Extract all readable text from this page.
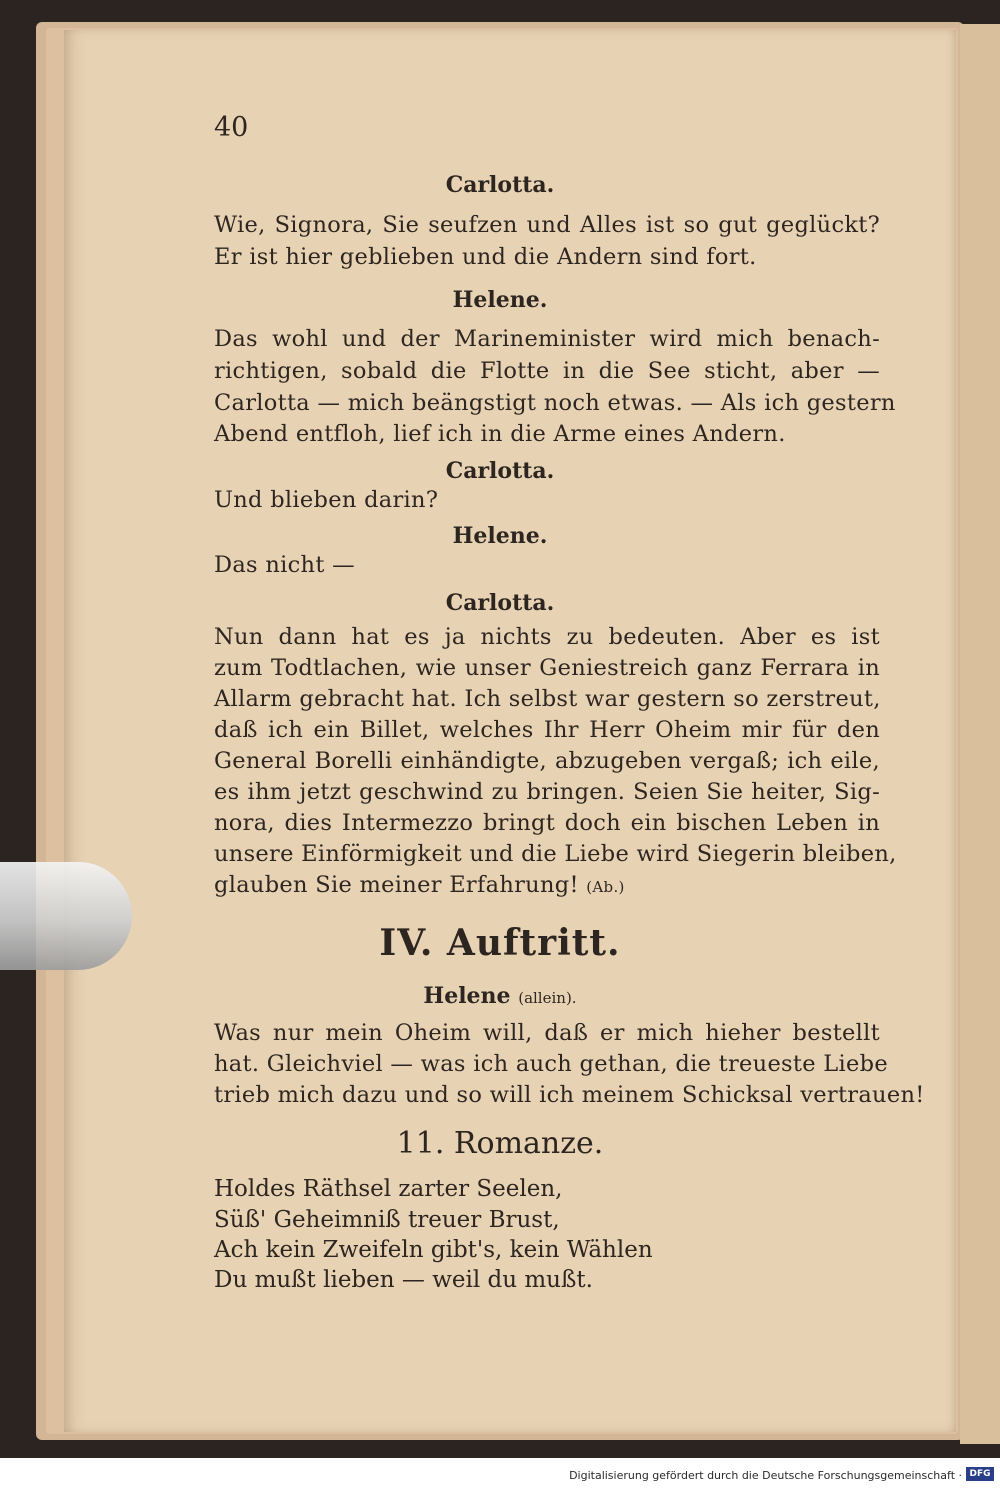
40
Carlotta.
Wie, Signora, Sie seufzen und Alles ist so gut geglückt?
Er ist hier geblieben und die Andern sind fort.
Helene.
Das wohl und der Marineminister wird mich benach-
richtigen, sobald die Flotte in die See sticht, aber —
Carlotta — mich beängstigt noch etwas. — Als ich gestern
Abend entfloh, lief ich in die Arme eines Andern.
Carlotta.
Und blieben darin?
Helene.
Das nicht —
Carlotta.
Nun dann hat es ja nichts zu bedeuten. Aber es ist
zum Todtlachen, wie unser Geniestreich ganz Ferrara in
Allarm gebracht hat. Ich selbst war gestern so zerstreut,
daß ich ein Billet, welches Ihr Herr Oheim mir für den
General Borelli einhändigte, abzugeben vergaß; ich eile,
es ihm jetzt geschwind zu bringen. Seien Sie heiter, Sig-
nora, dies Intermezzo bringt doch ein bischen Leben in
unsere Einförmigkeit und die Liebe wird Siegerin bleiben,
glauben Sie meiner Erfahrung! (Ab.)
IV. Auftritt.
Helene (allein).
Was nur mein Oheim will, daß er mich hieher bestellt
hat. Gleichviel — was ich auch gethan, die treueste Liebe
trieb mich dazu und so will ich meinem Schicksal vertrauen!
11. Romanze.
Holdes Räthsel zarter Seelen,
Süß' Geheimniß treuer Brust,
Ach kein Zweifeln gibt's, kein Wählen
Du mußt lieben — weil du mußt.
Digitalisierung gefördert durch die Deutsche Forschungsgemeinschaft · DFG
